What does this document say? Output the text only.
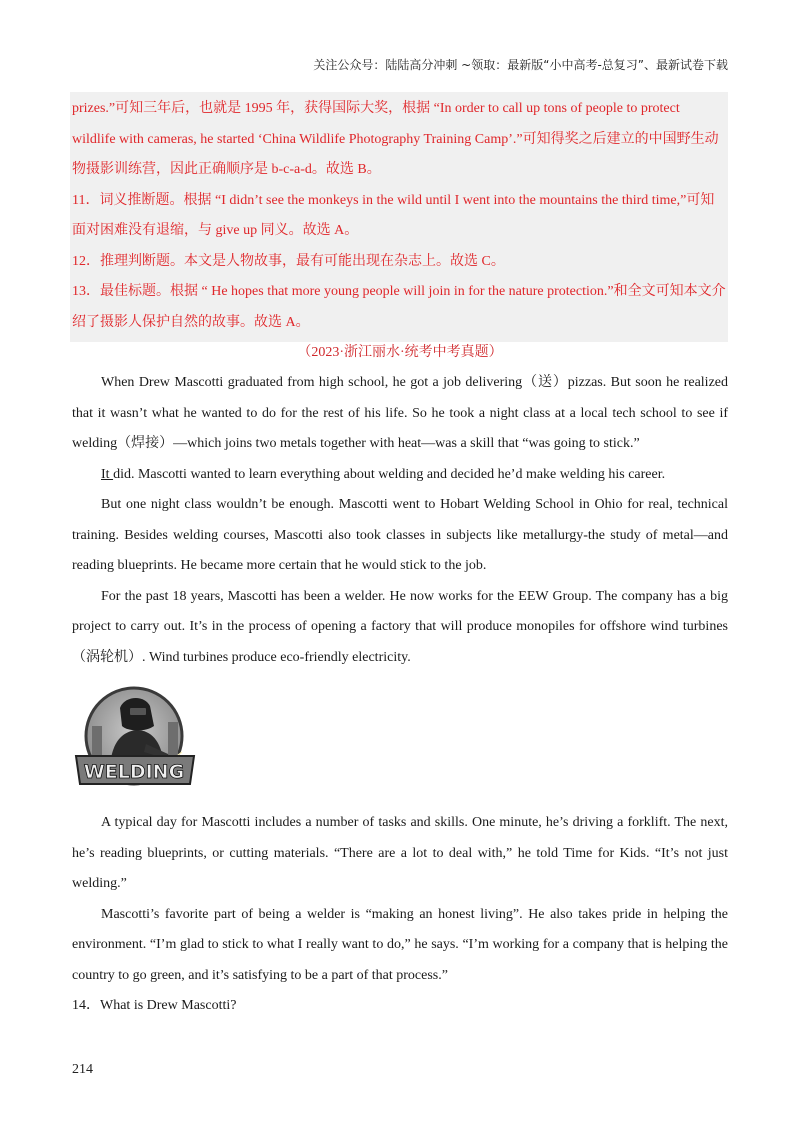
关注公众号：陆陆高分冲刺 ~领取：最新版“小中高考-总复习”、最新试卷下载

prizes.”可知三年后，也就是 1995 年，获得国际大奖，根据 “In order to call up tons of people to protect wildlife with cameras, he started ‘China Wildlife Photography Training Camp’.”可知得奖之后建立的中国野生动物摄影训练营，因此正确顺序是 b-c-a-d。故选 B。

11．词义推断题。根据 “I didn’t see the monkeys in the wild until I went into the mountains the third time,”可知面对困难没有退缩，与 give up 同义。故选 A。

12．推理判断题。本文是人物故事，最有可能出现在杂志上。故选 C。

13．最佳标题。根据 “ He hopes that more young people will join in for the nature protection.”和全文可知本文介绍了摄影人保护自然的故事。故选 A。

（2023·浙江丽水·统考中考真题）

When Drew Mascotti graduated from high school, he got a job delivering（送）pizzas. But soon he realized that it wasn’t what he wanted to do for the rest of his life. So he took a night class at a local tech school to see if welding（焊接）—which joins two metals together with heat—was a skill that “was going to stick.”

It did. Mascotti wanted to learn everything about welding and decided he’d make welding his career.

But one night class wouldn’t be enough. Mascotti went to Hobart Welding School in Ohio for real, technical training. Besides welding courses, Mascotti also took classes in subjects like metallurgy-the study of metal—and reading blueprints. He became more certain that he would stick to the job.

For the past 18 years, Mascotti has been a welder. He now works for the EEW Group. The company has a big project to carry out. It’s in the process of opening a factory that will produce monopiles for offshore wind turbines（涡轮机）. Wind turbines produce eco-friendly electricity.

WELDING

A typical day for Mascotti includes a number of tasks and skills. One minute, he’s driving a forklift. The next, he’s reading blueprints, or cutting materials. “There are a lot to deal with,” he told Time for Kids. “It’s not just welding.”

Mascotti’s favorite part of being a welder is “making an honest living”. He also takes pride in helping the environment. “I’m glad to stick to what I really want to do,” he says. “I’m working for a company that is helping the country to go green, and it’s satisfying to be a part of that process.”

14．What is Drew Mascotti?

214
